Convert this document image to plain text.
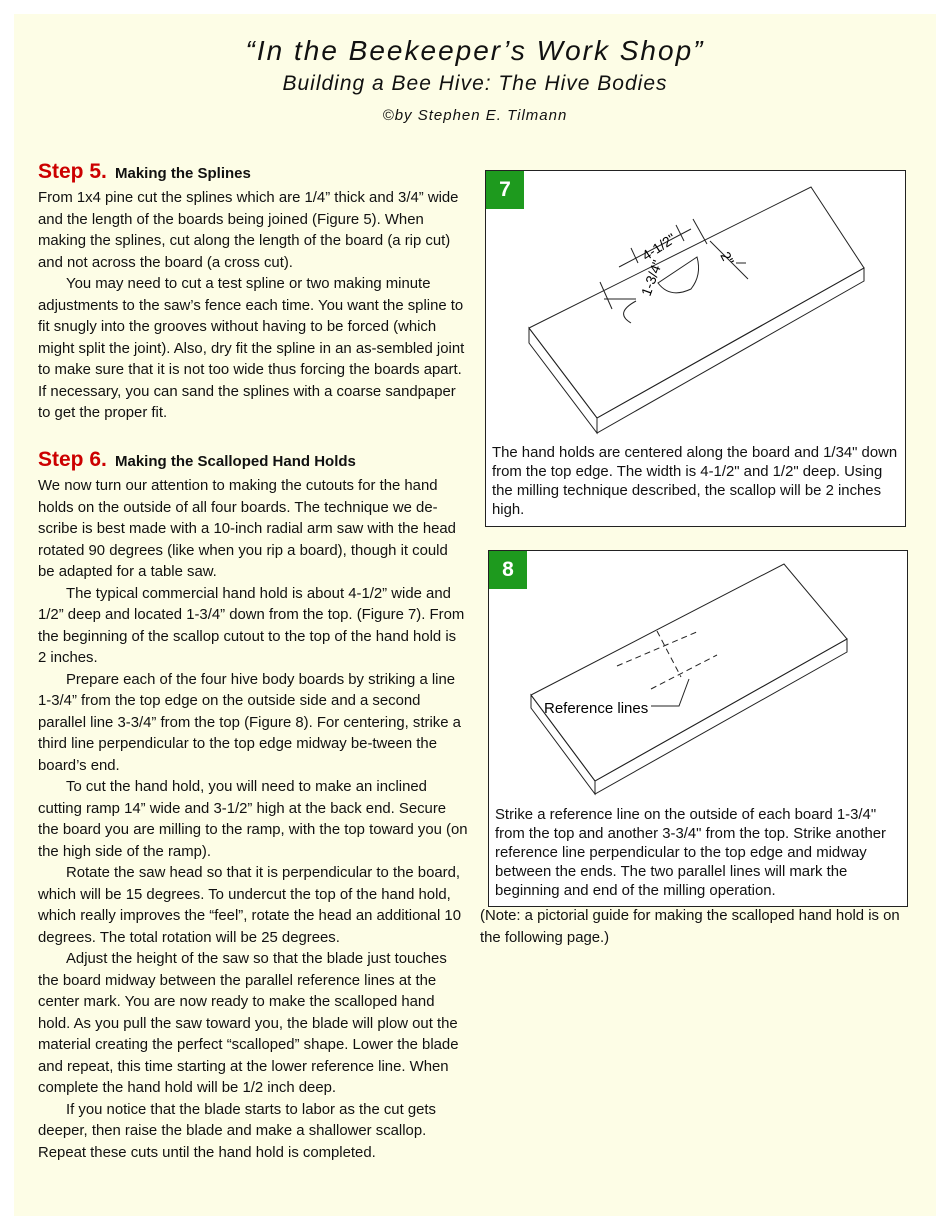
“In the Beekeeper’s Work Shop”
Building a Bee Hive: The Hive Bodies
©by Stephen E. Tilmann

Step 5. Making the Splines

From 1x4 pine cut the splines which are 1/4” thick and 3/4” wide and the length of the boards being joined (Figure 5). When making the splines, cut along the length of the board (a rip cut) and not across the board (a cross cut).

You may need to cut a test spline or two making minute adjustments to the saw’s fence each time. You want the spline to fit snugly into the grooves without having to be forced (which might split the joint). Also, dry fit the spline in an as-sembled joint to make sure that it is not too wide thus forcing the boards apart. If necessary, you can sand the splines with a coarse sandpaper to get the proper fit.

Step 6. Making the Scalloped Hand Holds

We now turn our attention to making the cutouts for the hand holds on the outside of all four boards. The technique we de-scribe is best made with a 10-inch radial arm saw with the head rotated 90 degrees (like when you rip a board), though it could be adapted for a table saw.

The typical commercial hand hold is about 4-1/2” wide and 1/2” deep and located 1-3/4” down from the top. (Figure 7). From the beginning of the scallop cutout to the top of the hand hold is 2 inches.

Prepare each of the four hive body boards by striking a line 1-3/4” from the top edge on the outside side and a second parallel line 3-3/4” from the top (Figure 8). For centering, strike a third line perpendicular to the top edge midway be-tween the board’s end.

To cut the hand hold, you will need to make an inclined cutting ramp 14” wide and 3-1/2” high at the back end. Secure the board you are milling to the ramp, with the top toward you (on the high side of the ramp).

Rotate the saw head so that it is perpendicular to the board, which will be 15 degrees. To undercut the top of the hand hold, which really improves the “feel”, rotate the head an additional 10 degrees. The total rotation will be 25 degrees.

Adjust the height of the saw so that the blade just touches the board midway between the parallel reference lines at the center mark. You are now ready to make the scalloped hand hold. As you pull the saw toward you, the blade will plow out the material creating the perfect “scalloped” shape. Lower the blade and repeat, this time starting at the lower reference line. When complete the hand hold will be 1/2 inch deep.

If you notice that the blade starts to labor as the cut gets deeper, then raise the blade and make a shallower scallop. Repeat these cuts until the hand hold is completed.

4-1/2"	2"
1-3/4"
7
The hand holds are centered along the board and 1/34" down from the top edge. The width is 4-1/2" and 1/2" deep. Using the milling technique described, the scallop will be 2 inches high.
Reference lines
8
Strike a reference line on the outside of each board 1-3/4" from the top and another 3-3/4" from the top. Strike another reference line perpendicular to the top edge and midway between the ends. The two parallel lines will mark the beginning and end of the milling operation.
(Note: a pictorial guide for making the scalloped hand hold is on the following page.)
